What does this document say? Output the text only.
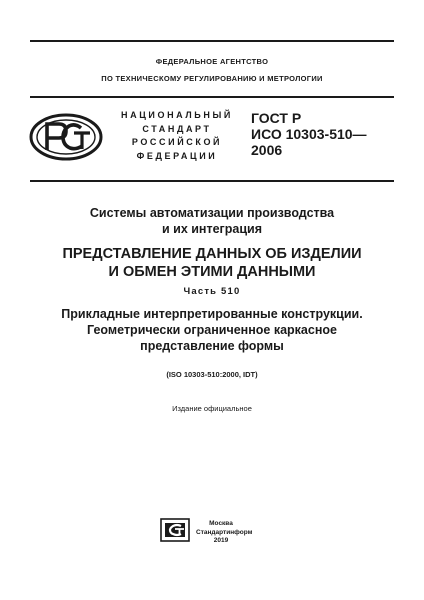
ФЕДЕРАЛЬНОЕ АГЕНТСТВО
ПО ТЕХНИЧЕСКОМУ РЕГУЛИРОВАНИЮ И МЕТРОЛОГИИ
НАЦИОНАЛЬНЫЙ
СТАНДАРТ
РОССИЙСКОЙ
ФЕДЕРАЦИИ
ГОСТ Р
ИСО 10303-510—
2006
Системы автоматизации производства
и их интеграция
ПРЕДСТАВЛЕНИЕ ДАННЫХ ОБ ИЗДЕЛИИ
И ОБМЕН ЭТИМИ ДАННЫМИ
Часть 510
Прикладные интерпретированные конструкции.
Геометрически ограниченное каркасное
представление формы
(ISO 10303-510:2000, IDT)
Издание официальное
Москва
Стандартинформ
2019
